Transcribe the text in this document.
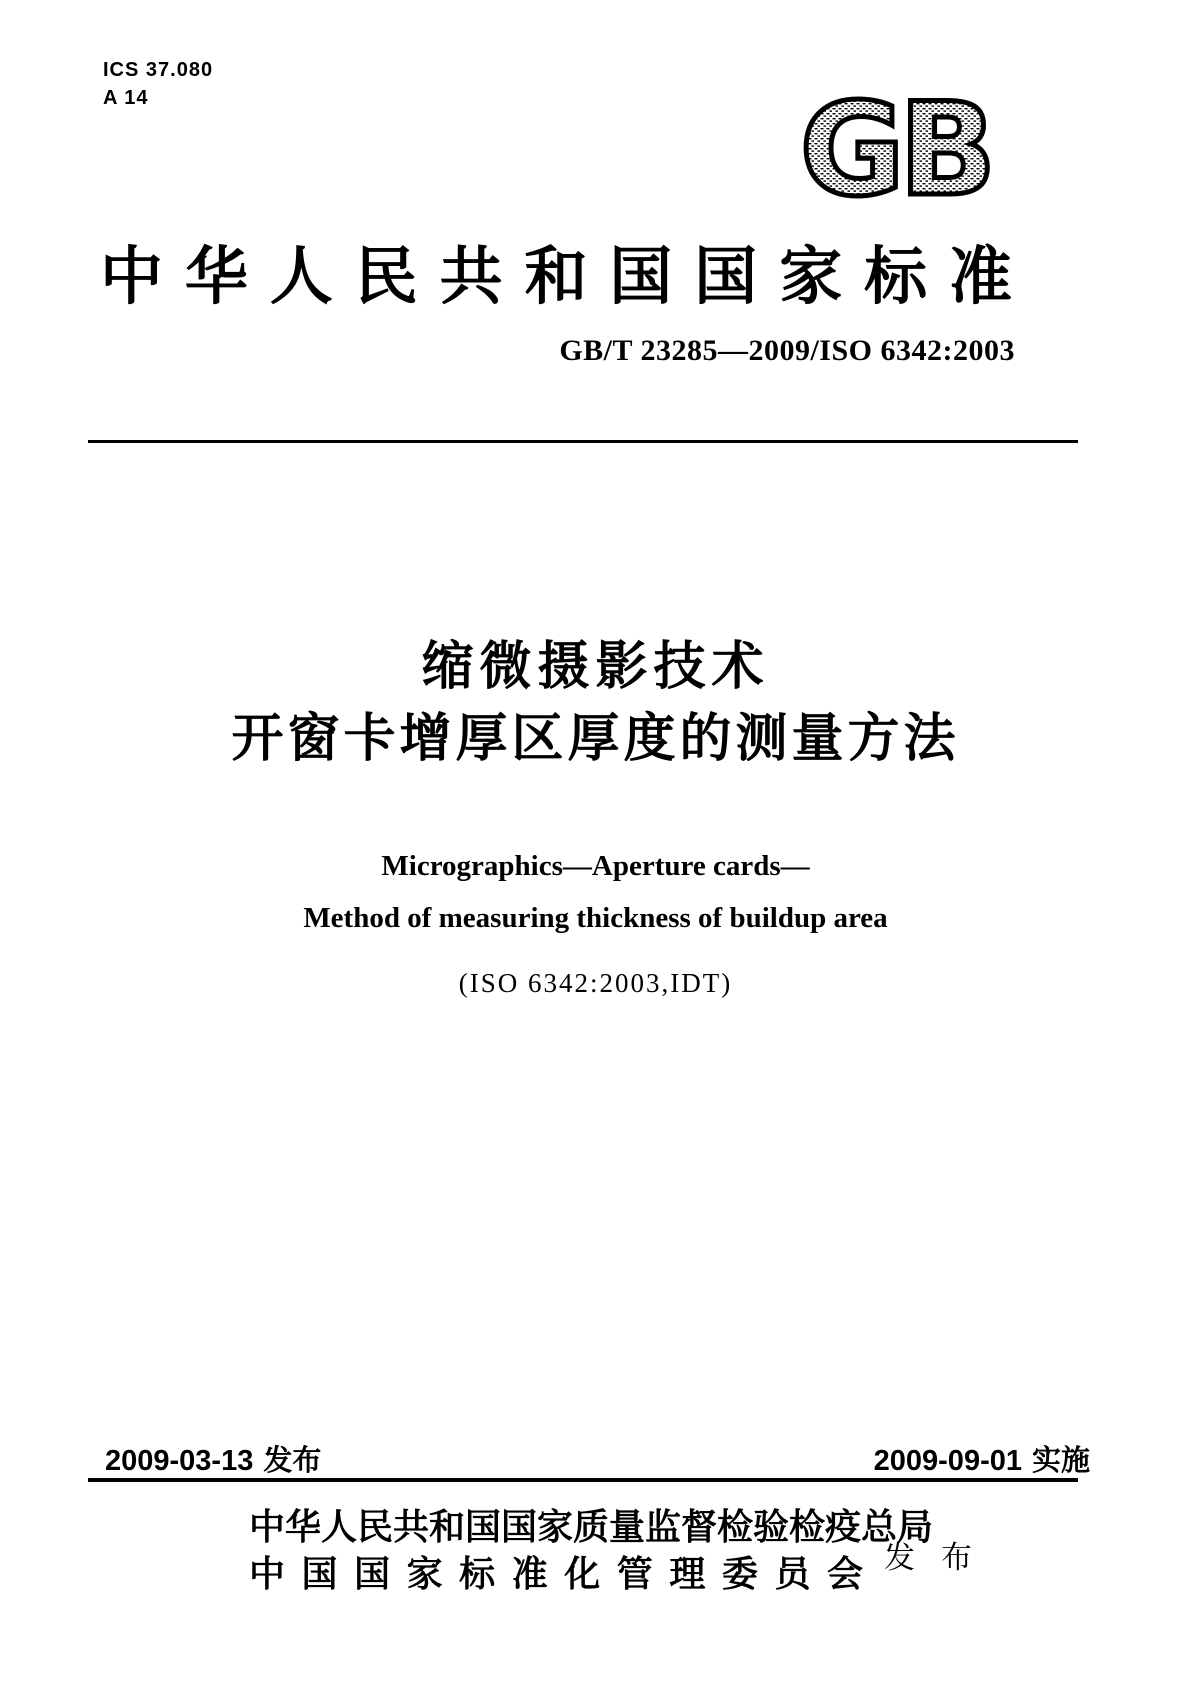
ICS 37.080
A 14	GB
中华人民共和国国家标准
GB/T 23285—2009/ISO 6342:2003
缩微摄影技术
开窗卡增厚区厚度的测量方法
Micrographics—Aperture cards—
Method of measuring thickness of buildup area
(ISO 6342:2003,IDT)
2009-03-13 发布	2009-09-01 实施
中华人民共和国国家质量监督检验检疫总局
中国国家标准化管理委员会 发布
